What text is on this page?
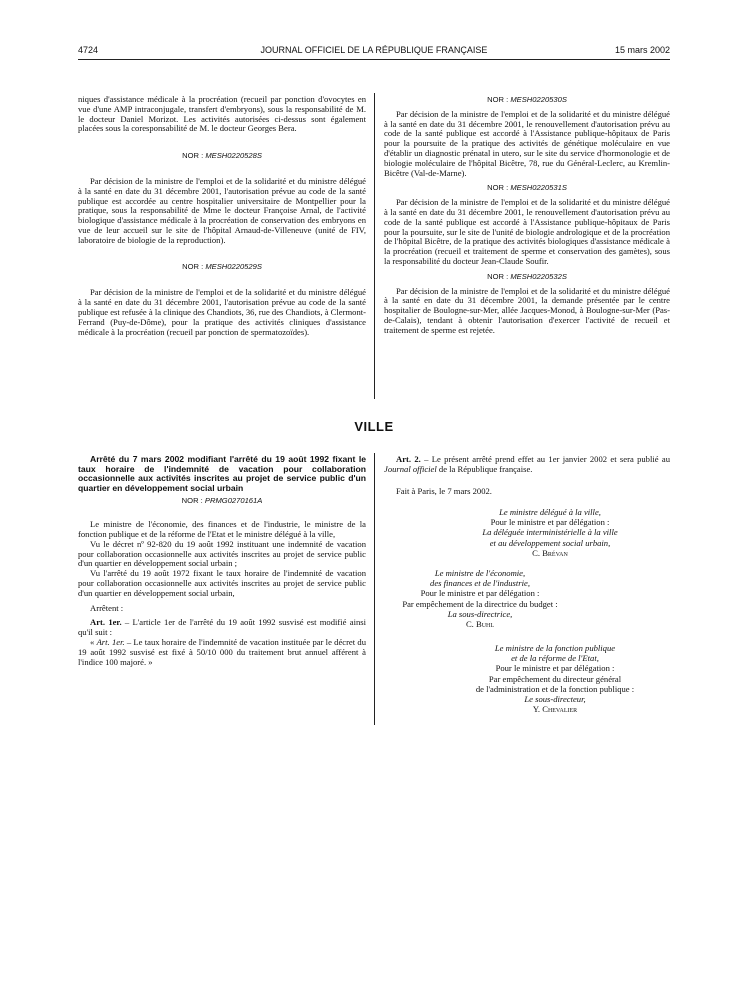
4724	JOURNAL OFFICIEL DE LA RÉPUBLIQUE FRANÇAISE	15 mars 2002

niques d'assistance médicale à la procréation (recueil par ponction d'ovocytes en vue d'une AMP intraconjugale, transfert d'embryons), sous la responsabilité de M. le docteur Daniel Morizot. Les activités autorisées ci-dessus sont également placées sous la coresponsabilité de M. le docteur Georges Bera.

NOR : MESH0220528S

Par décision de la ministre de l'emploi et de la solidarité et du ministre délégué à la santé en date du 31 décembre 2001, l'autorisation prévue au code de la santé publique est accordée au centre hospitalier universitaire de Montpellier pour la pratique, sous la responsabilité de Mme le docteur Françoise Arnal, de l'activité biologique d'assistance médicale à la procréation de conservation des embryons en vue de leur accueil sur le site de l'hôpital Arnaud-de-Villeneuve (unité de FIV, laboratoire de biologie de la reproduction).

NOR : MESH0220529S

Par décision de la ministre de l'emploi et de la solidarité et du ministre délégué à la santé en date du 31 décembre 2001, l'autorisation prévue au code de la santé publique est refusée à la clinique des Chandiots, 36, rue des Chandiots, à Clermont-Ferrand (Puy-de-Dôme), pour la pratique des activités cliniques d'assistance médicale à la procréation (recueil par ponction de spermatozoïdes).

NOR : MESH0220530S

Par décision de la ministre de l'emploi et de la solidarité et du ministre délégué à la santé en date du 31 décembre 2001, le renouvellement d'autorisation prévu au code de la santé publique est accordé à l'Assistance publique-hôpitaux de Paris pour la poursuite de la pratique des activités de génétique moléculaire en vue d'établir un diagnostic prénatal in utero, sur le site du service d'hormonologie et de biologie moléculaire de l'hôpital Bicêtre, 78, rue du Général-Leclerc, au Kremlin-Bicêtre (Val-de-Marne).

NOR : MESH0220531S

Par décision de la ministre de l'emploi et de la solidarité et du ministre délégué à la santé en date du 31 décembre 2001, le renouvellement d'autorisation prévu au code de la santé publique est accordé à l'Assistance publique-hôpitaux de Paris pour la poursuite, sur le site de l'unité de biologie andrologique et de la procréation de l'hôpital Bicêtre, de la pratique des activités biologiques d'assistance médicale à la procréation (recueil et traitement de sperme et conservation des gamètes), sous la responsabilité du docteur Jean-Claude Soufir.

NOR : MESH0220532S

Par décision de la ministre de l'emploi et de la solidarité et du ministre délégué à la santé en date du 31 décembre 2001, la demande présentée par le centre hospitalier de Boulogne-sur-Mer, allée Jacques-Monod, à Boulogne-sur-Mer (Pas-de-Calais), tendant à obtenir l'autorisation d'exercer l'activité de recueil et traitement de sperme est rejetée.

VILLE

Arrêté du 7 mars 2002 modifiant l'arrêté du 19 août 1992 fixant le taux horaire de l'indemnité de vacation pour collaboration occasionnelle aux activités inscrites au projet de service public d'un quartier en développement social urbain

NOR : PRMG0270161A

Le ministre de l'économie, des finances et de l'industrie, le ministre de la fonction publique et de la réforme de l'Etat et le ministre délégué à la ville,

Vu le décret nº 92-820 du 19 août 1992 instituant une indemnité de vacation pour collaboration occasionnelle aux activités inscrites au projet de service public d'un quartier en développement social urbain ;

Vu l'arrêté du 19 août 1972 fixant le taux horaire de l'indemnité de vacation pour collaboration occasionnelle aux activités inscrites au projet de service public d'un quartier en développement social urbain,

Arrêtent :

Art. 1er. – L'article 1er de l'arrêté du 19 août 1992 susvisé est modifié ainsi qu'il suit :

« Art. 1er. – Le taux horaire de l'indemnité de vacation instituée par le décret du 19 août 1992 susvisé est fixé à 50/10 000 du traitement brut annuel afférent à l'indice 100 majoré. »

Art. 2. – Le présent arrêté prend effet au 1er janvier 2002 et sera publié au Journal officiel de la République française.

Fait à Paris, le 7 mars 2002.

Le ministre délégué à la ville,
Pour le ministre et par délégation :
La déléguée interministérielle à la ville
et au développement social urbain,
C. Brévan
Le ministre de l'économie,
des finances et de l'industrie,
Pour le ministre et par délégation :
Par empêchement de la directrice du budget :
La sous-directrice,
C. Buhl
Le ministre de la fonction publique
et de la réforme de l'Etat,
Pour le ministre et par délégation :
Par empêchement du directeur général
de l'administration et de la fonction publique :
Le sous-directeur,
Y. Chevalier
